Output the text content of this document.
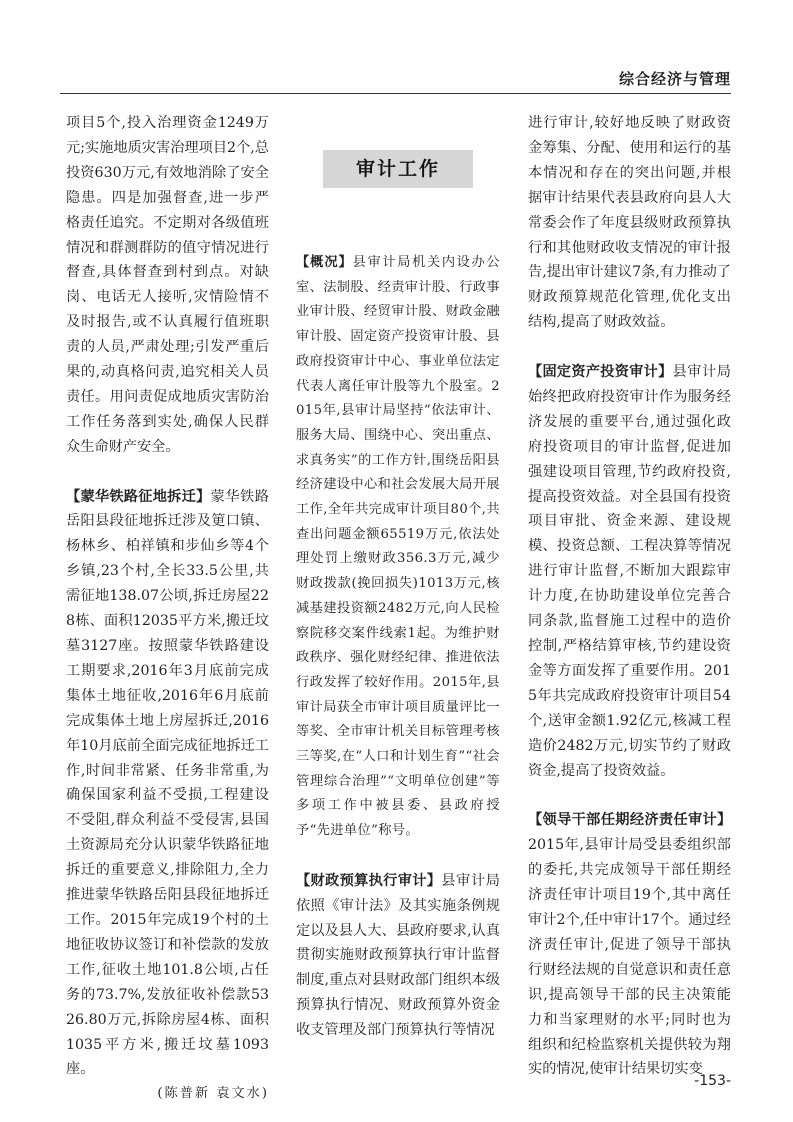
综合经济与管理

项目5个,投入治理资金1249万元;实施地质灾害治理项目2个,总投资630万元,有效地消除了安全隐患。四是加强督查,进一步严格责任追究。不定期对各级值班情况和群测群防的值守情况进行督查,具体督查到村到点。对缺岗、电话无人接听,灾情险情不及时报告,或不认真履行值班职责的人员,严肃处理;引发严重后果的,动真格问责,追究相关人员责任。用问责促成地质灾害防治工作任务落到实处,确保人民群众生命财产安全。

【蒙华铁路征地拆迁】蒙华铁路岳阳县段征地拆迁涉及筻口镇、杨林乡、柏祥镇和步仙乡等4个乡镇,23个村,全长33.5公里,共需征地138.07公顷,拆迁房屋228栋、面积12035平方米,搬迁坟墓3127座。按照蒙华铁路建设工期要求,2016年3月底前完成集体土地征收,2016年6月底前完成集体土地上房屋拆迁,2016年10月底前全面完成征地拆迁工作,时间非常紧、任务非常重,为确保国家利益不受损,工程建设不受阻,群众利益不受侵害,县国土资源局充分认识蒙华铁路征地拆迁的重要意义,排除阻力,全力推进蒙华铁路岳阳县段征地拆迁工作。2015年完成19个村的土地征收协议签订和补偿款的发放工作,征收土地101.8公顷,占任务的73.7%,发放征收补偿款5326.80万元,拆除房屋4栋、面积1035平方米,搬迁坟墓1093座。

(陈普新 袁文水)

审计工作

【概况】县审计局机关内设办公室、法制股、经责审计股、行政事业审计股、经贸审计股、财政金融审计股、固定资产投资审计股、县政府投资审计中心、事业单位法定代表人离任审计股等九个股室。2015年,县审计局坚持“依法审计、服务大局、围绕中心、突出重点、求真务实”的工作方针,围绕岳阳县经济建设中心和社会发展大局开展工作,全年共完成审计项目80个,共查出问题金额65519万元,依法处理处罚上缴财政356.3万元,减少财政拨款(挽回损失)1013万元,核减基建投资额2482万元,向人民检察院移交案件线索1起。为维护财政秩序、强化财经纪律、推进依法行政发挥了较好作用。2015年,县审计局获全市审计项目质量评比一等奖、全市审计机关目标管理考核三等奖,在“人口和计划生育”“社会管理综合治理”“文明单位创建”等多项工作中被县委、县政府授予“先进单位”称号。

【财政预算执行审计】县审计局依照《审计法》及其实施条例规定以及县人大、县政府要求,认真贯彻实施财政预算执行审计监督制度,重点对县财政部门组织本级预算执行情况、财政预算外资金收支管理及部门预算执行等情况

进行审计,较好地反映了财政资金筹集、分配、使用和运行的基本情况和存在的突出问题,并根据审计结果代表县政府向县人大常委会作了年度县级财政预算执行和其他财政收支情况的审计报告,提出审计建议7条,有力推动了财政预算规范化管理,优化支出结构,提高了财政效益。

【固定资产投资审计】县审计局始终把政府投资审计作为服务经济发展的重要平台,通过强化政府投资项目的审计监督,促进加强建设项目管理,节约政府投资,提高投资效益。对全县国有投资项目审批、资金来源、建设规模、投资总额、工程决算等情况进行审计监督,不断加大跟踪审计力度,在协助建设单位完善合同条款,监督施工过程中的造价控制,严格结算审核,节约建设资金等方面发挥了重要作用。2015年共完成政府投资审计项目54个,送审金额1.92亿元,核减工程造价2482万元,切实节约了财政资金,提高了投资效益。

【领导干部任期经济责任审计】2015年,县审计局受县委组织部的委托,共完成领导干部任期经济责任审计项目19个,其中离任审计2个,任中审计17个。通过经济责任审计,促进了领导干部执行财经法规的自觉意识和责任意识,提高领导干部的民主决策能力和当家理财的水平;同时也为组织和纪检监察机关提供较为翔实的情况,使审计结果切实变

-153-
